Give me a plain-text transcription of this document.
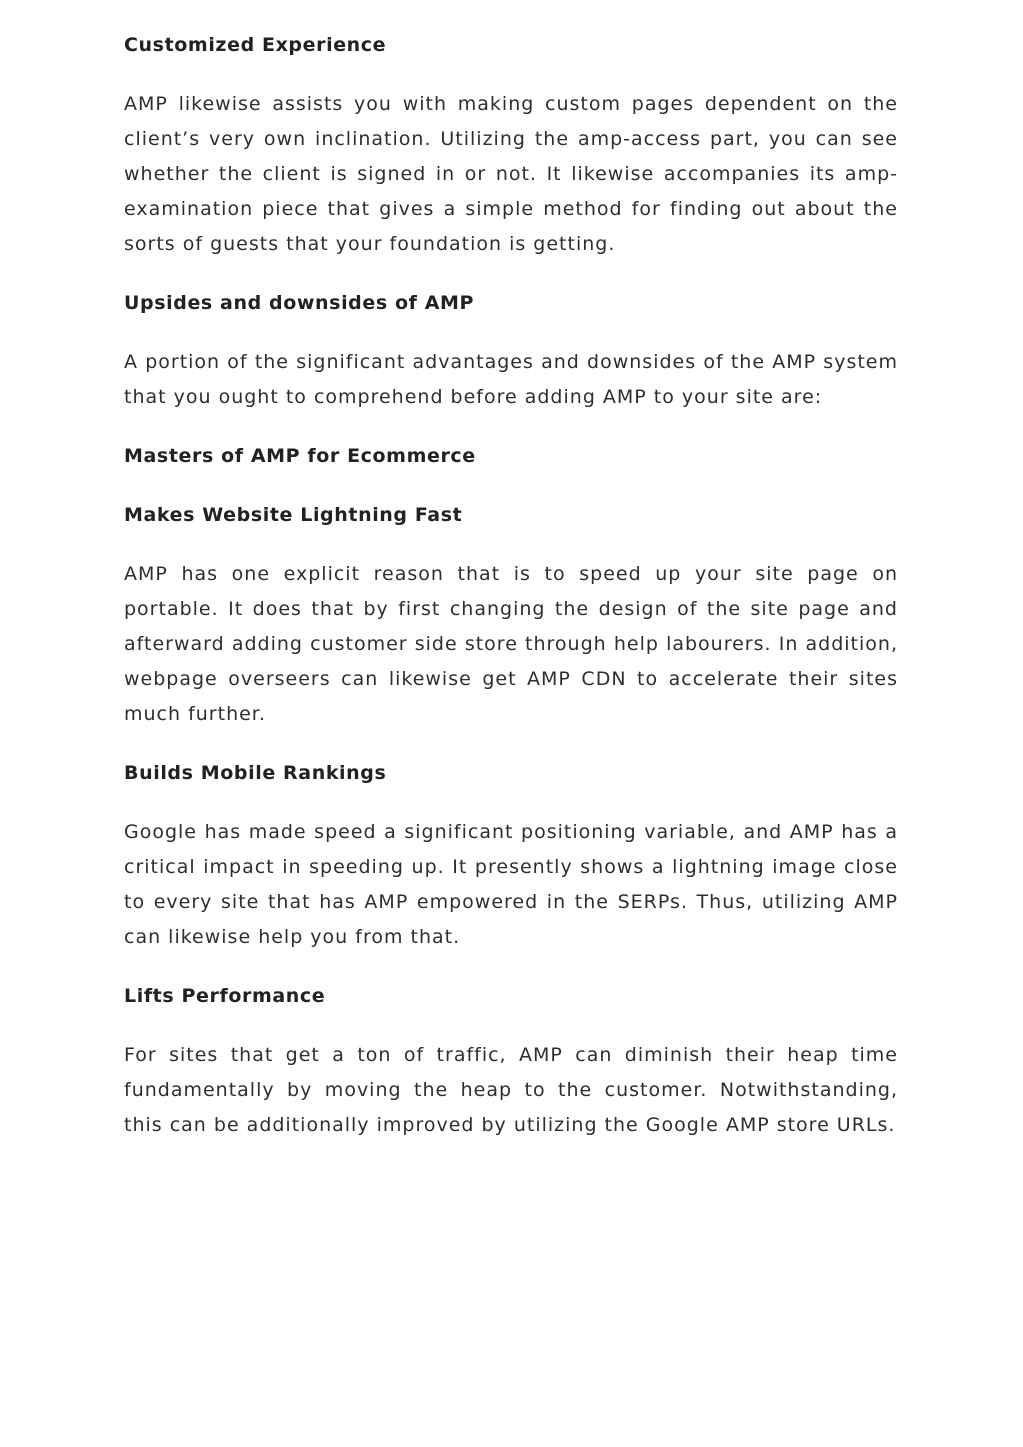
Customized Experience

AMP likewise assists you with making custom pages dependent on the client’s very own inclination. Utilizing the amp-access part, you can see whether the client is signed in or not. It likewise accompanies its amp-examination piece that gives a simple method for finding out about the sorts of guests that your foundation is getting.

Upsides and downsides of AMP

A portion of the significant advantages and downsides of the AMP system that you ought to comprehend before adding AMP to your site are:

Masters of AMP for Ecommerce
Makes Website Lightning Fast

AMP has one explicit reason that is to speed up your site page on portable. It does that by first changing the design of the site page and afterward adding customer side store through help labourers. In addition, webpage overseers can likewise get AMP CDN to accelerate their sites much further.

Builds Mobile Rankings

Google has made speed a significant positioning variable, and AMP has a critical impact in speeding up. It presently shows a lightning image close to every site that has AMP empowered in the SERPs. Thus, utilizing AMP can likewise help you from that.

Lifts Performance

For sites that get a ton of traffic, AMP can diminish their heap time fundamentally by moving the heap to the customer. Notwithstanding, this can be additionally improved by utilizing the Google AMP store URLs.
